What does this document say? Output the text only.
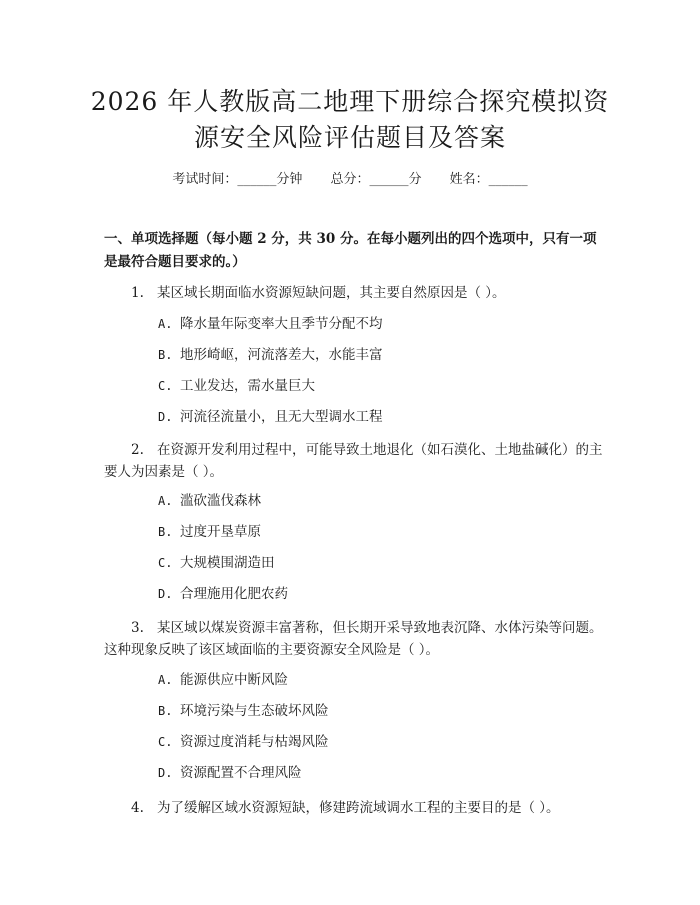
2026 年人教版高二地理下册综合探究模拟资
源安全风险评估题目及答案
考试时间：______分钟 总分：______分 姓名：______
一、单项选择题（每小题 2 分，共 30 分。在每小题列出的四个选项中，只有一项
是最符合题目要求的。）
1. 某区域长期面临水资源短缺问题，其主要自然原因是（ ）。
A. 降水量年际变率大且季节分配不均
B. 地形崎岖，河流落差大，水能丰富
C. 工业发达，需水量巨大
D. 河流径流量小，且无大型调水工程
2. 在资源开发利用过程中，可能导致土地退化（如石漠化、土地盐碱化）的主要人为因素是（ ）。
A. 滥砍滥伐森林
B. 过度开垦草原
C. 大规模围湖造田
D. 合理施用化肥农药
3. 某区域以煤炭资源丰富著称，但长期开采导致地表沉降、水体污染等问题。这种现象反映了该区域面临的主要资源安全风险是（ ）。
A. 能源供应中断风险
B. 环境污染与生态破坏风险
C. 资源过度消耗与枯竭风险
D. 资源配置不合理风险
4. 为了缓解区域水资源短缺，修建跨流域调水工程的主要目的是（ ）。
